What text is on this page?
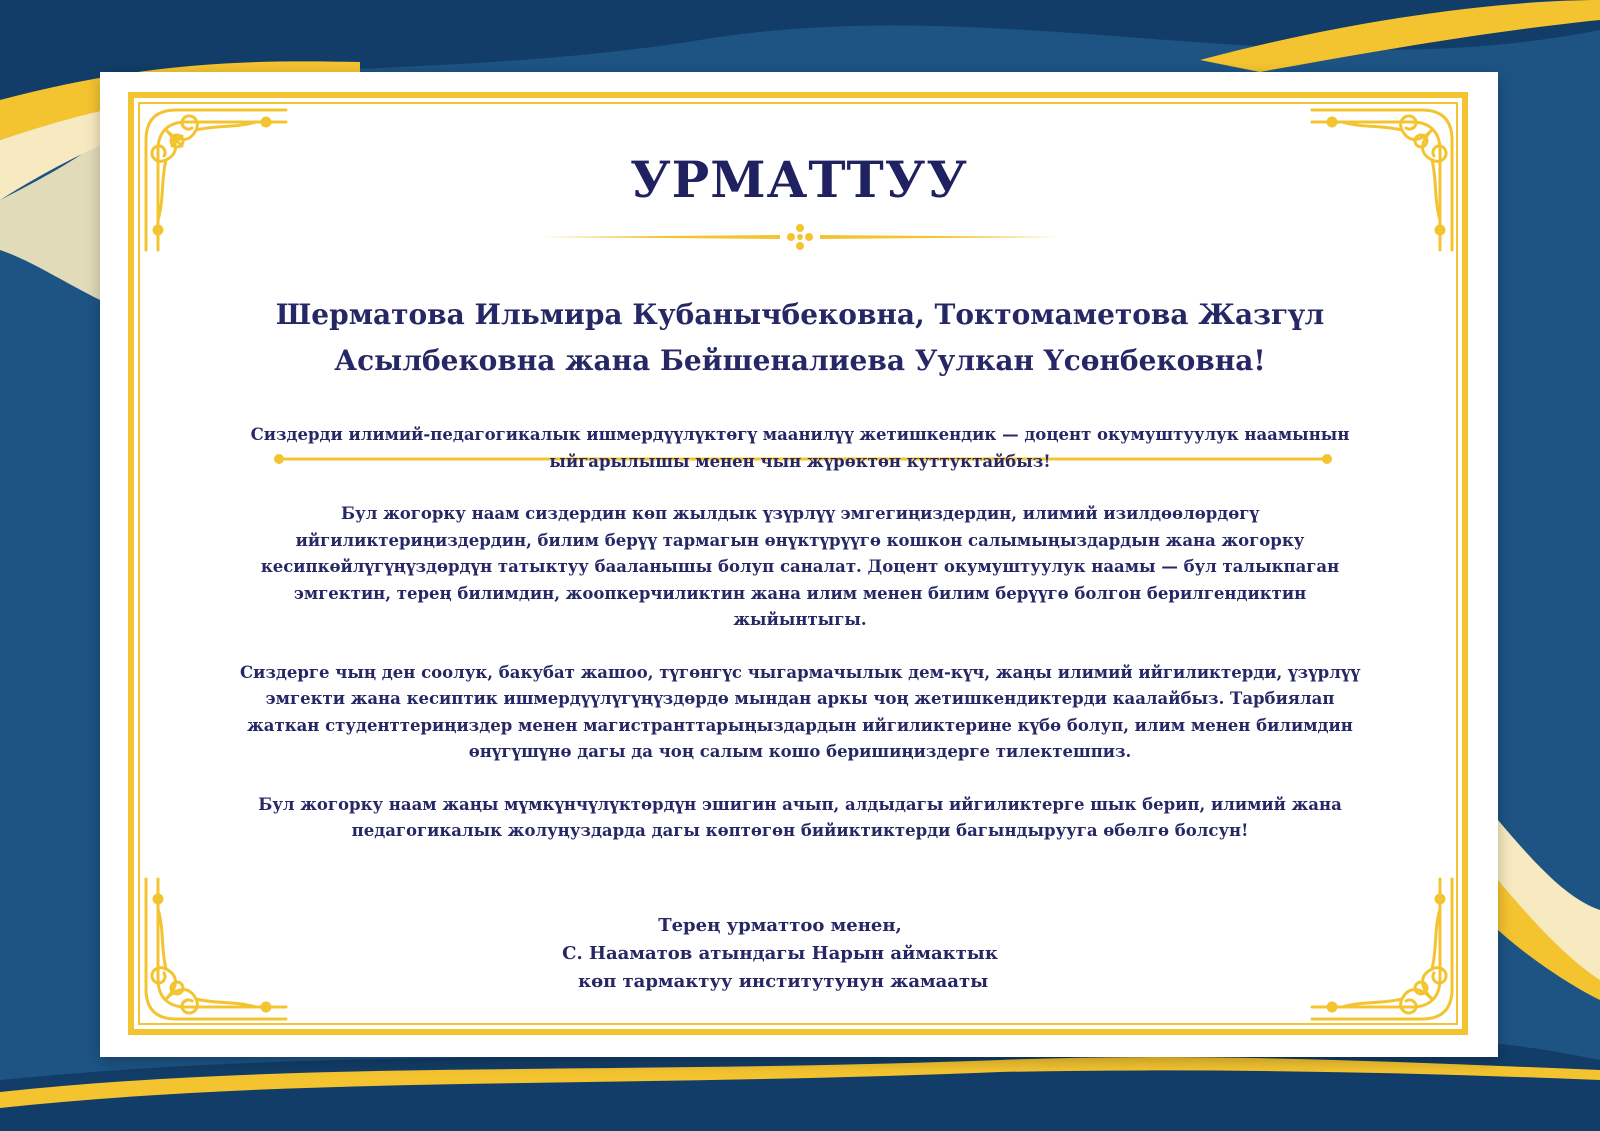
УРМАТТУУ
Шерматова Ильмира Кубанычбековна, Токтомаметова Жазгүл
Асылбековна жана Бейшеналиева Уулкан Үсөнбековна!

Сиздерди илимий-педагогикалык ишмердүүлүктөгү маанилүү жетишкендик — доцент окумуштуулук наамынын ыйгарылышы менен чын жүрөктөн куттуктайбыз!

Бул жогорку наам сиздердин көп жылдык үзүрлүү эмгегиңиздердин, илимий изилдөөлөрдөгү ийгиликтериңиздердин, билим берүү тармагын өнүктүрүүгө кошкон салымыңыздардын жана жогорку кесипкөйлүгүңүздөрдүн татыктуу бааланышы болуп саналат. Доцент окумуштуулук наамы — бул талыкпаган эмгектин, терең билимдин, жоопкерчиликтин жана илим менен билим берүүгө болгон берилгендиктин жыйынтыгы.

Сиздерге чың ден соолук, бакубат жашоо, түгөнгүс чыгармачылык дем-күч, жаңы илимий ийгиликтерди, үзүрлүү эмгекти жана кесиптик ишмердүүлүгүңүздөрдө мындан аркы чоң жетишкендиктерди каалайбыз. Тарбиялап жаткан студенттериңиздер менен магистранттарыңыздардын ийгиликтерине күбө болуп, илим менен билимдин өнүгүшүнө дагы да чоң салым кошо беришиңиздерге тилектешпиз.

Бул жогорку наам жаңы мүмкүнчүлүктөрдүн эшигин ачып, алдыдагы ийгиликтерге шык берип, илимий жана педагогикалык жолуңуздарда дагы көптөгөн бийиктиктерди багындырууга өбөлгө болсун!

Терең урматтоо менен,
С. Нааматов атындагы Нарын аймактык
көп тармактуу институтунун жамааты
